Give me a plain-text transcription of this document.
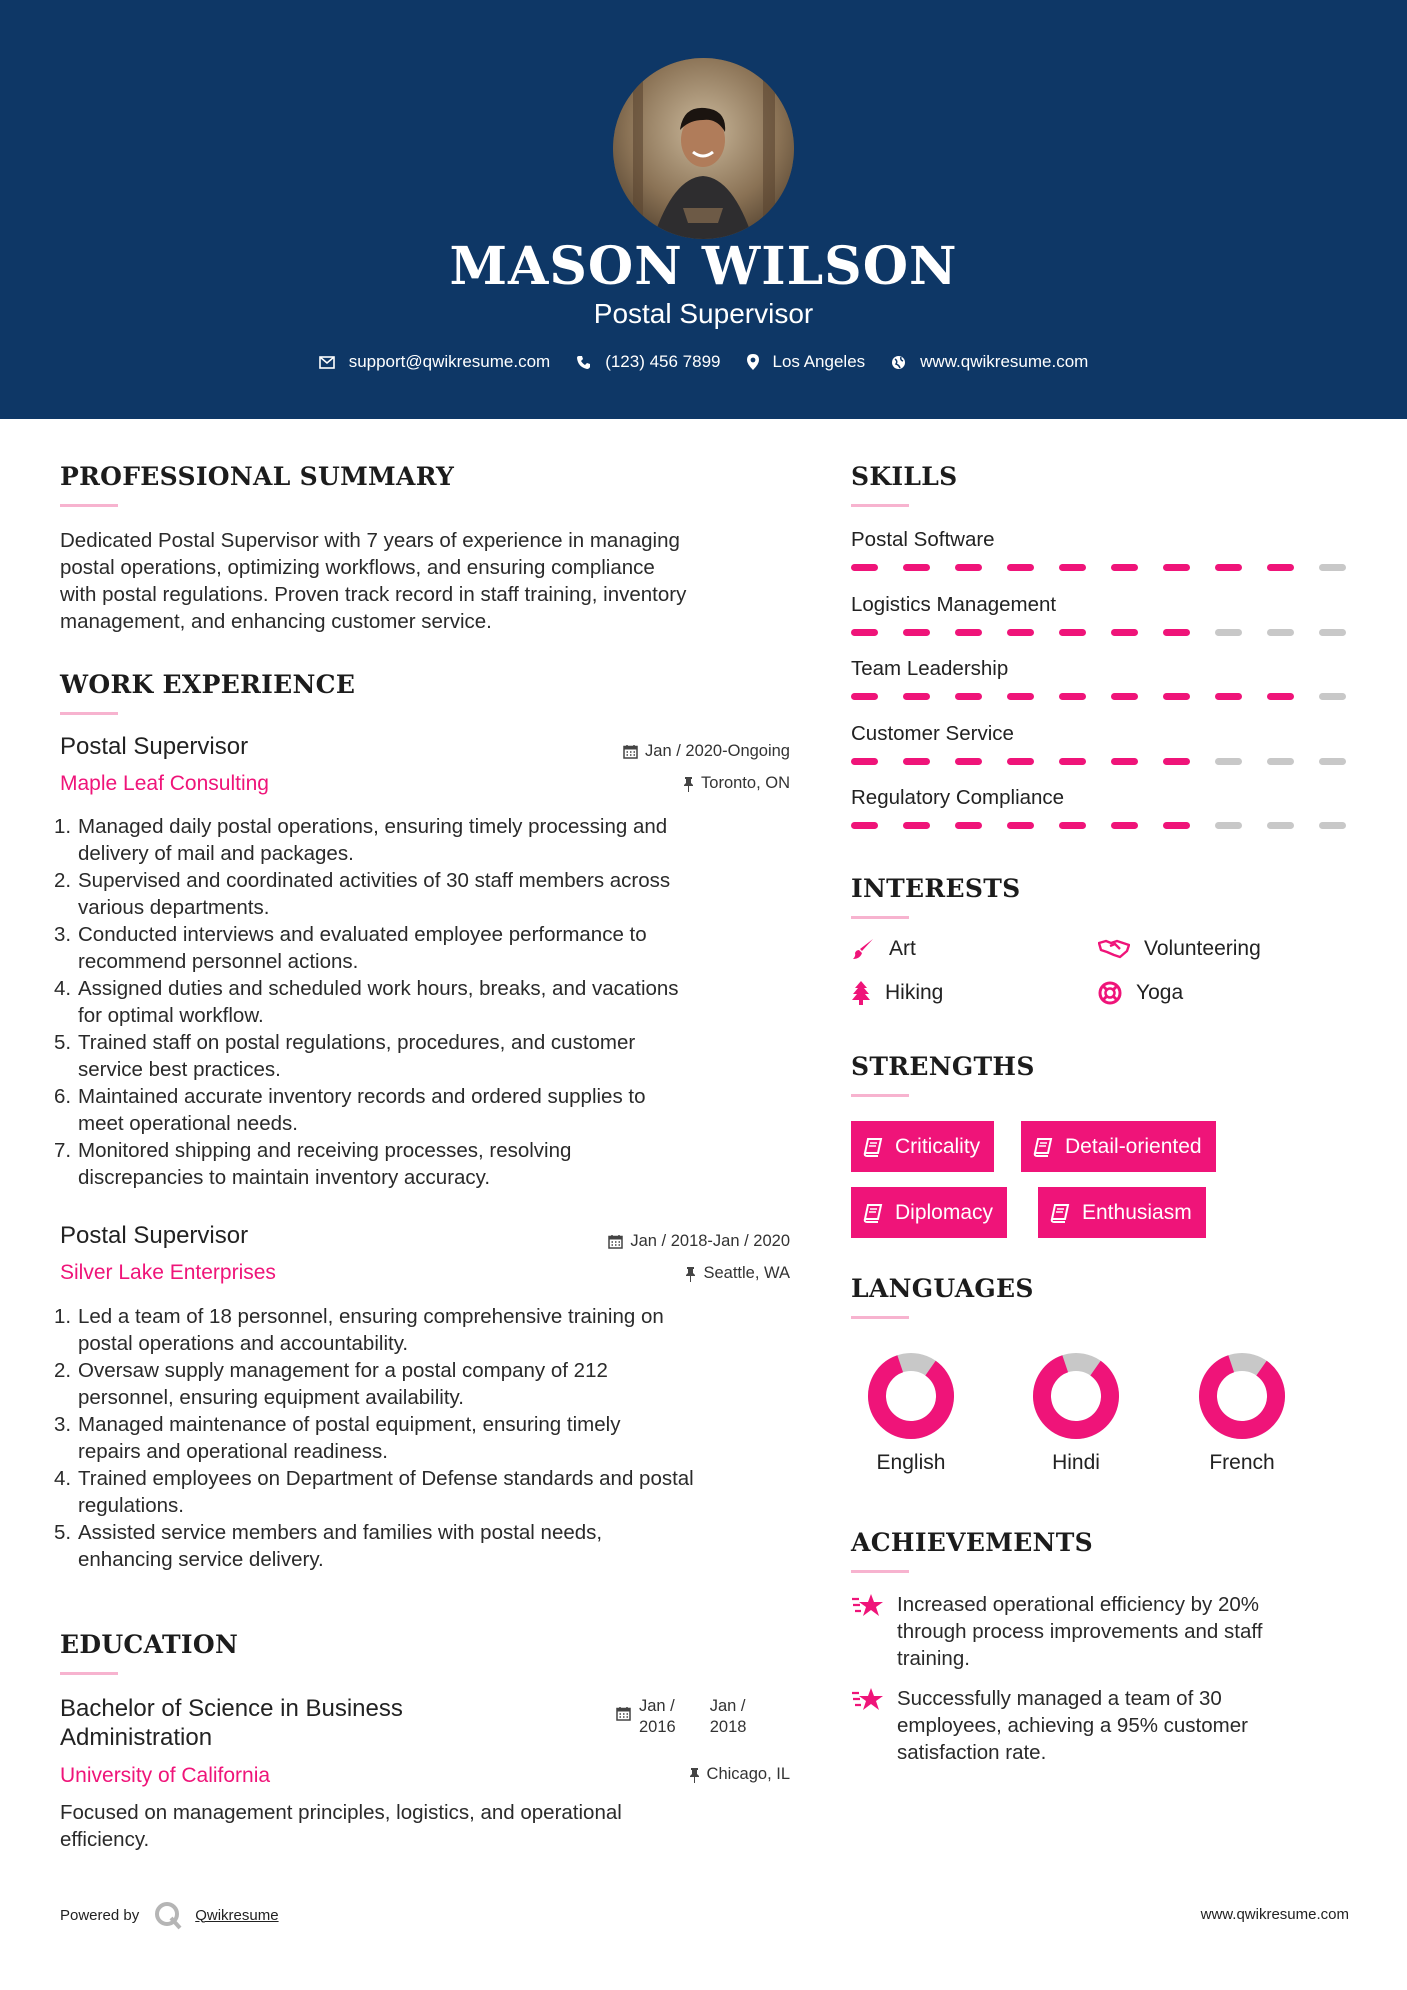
MASON WILSON
Postal Supervisor
support@qwikresume.com	(123) 456 7899	Los Angeles	www.qwikresume.com
PROFESSIONAL SUMMARY
Dedicated Postal Supervisor with 7 years of experience in managing
postal operations, optimizing workflows, and ensuring compliance
with postal regulations. Proven track record in staff training, inventory
management, and enhancing customer service.
WORK EXPERIENCE
Postal Supervisor
Maple Leaf Consulting
Jan / 2020-Ongoing
Toronto, ON
1. Managed daily postal operations, ensuring timely processing and
delivery of mail and packages.
2. Supervised and coordinated activities of 30 staff members across
various departments.
3. Conducted interviews and evaluated employee performance to
recommend personnel actions.
4. Assigned duties and scheduled work hours, breaks, and vacations
for optimal workflow.
5. Trained staff on postal regulations, procedures, and customer
service best practices.
6. Maintained accurate inventory records and ordered supplies to
meet operational needs.
7. Monitored shipping and receiving processes, resolving
discrepancies to maintain inventory accuracy.
Postal Supervisor
Silver Lake Enterprises
Jan / 2018-Jan / 2020
Seattle, WA
1. Led a team of 18 personnel, ensuring comprehensive training on
postal operations and accountability.
2. Oversaw supply management for a postal company of 212
personnel, ensuring equipment availability.
3. Managed maintenance of postal equipment, ensuring timely
repairs and operational readiness.
4. Trained employees on Department of Defense standards and postal
regulations.
5. Assisted service members and families with postal needs,
enhancing service delivery.
EDUCATION
Bachelor of Science in Business
Administration
University of California
Jan /
2016
Jan /
2018
Chicago, IL
Focused on management principles, logistics, and operational
efficiency.
SKILLS
Postal Software
Logistics Management
Team Leadership
Customer Service
Regulatory Compliance
INTERESTS
Art	Volunteering
Hiking	Yoga
STRENGTHS
Criticality	Detail-oriented
Diplomacy	Enthusiasm
LANGUAGES
English	Hindi	French
ACHIEVEMENTS
Increased operational efficiency by 20%
through process improvements and staff
training.
Successfully managed a team of 30
employees, achieving a 95% customer
satisfaction rate.
Powered by	Qwikresume	www.qwikresume.com
